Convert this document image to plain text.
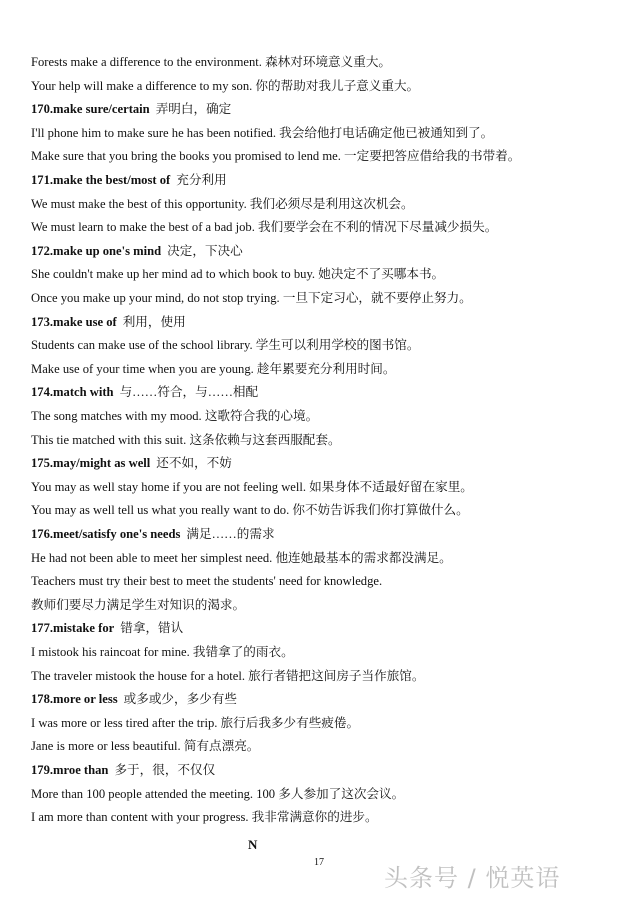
Forests make a difference to the environment. 森林对环境意义重大。
Your help will make a difference to my son. 你的帮助对我儿子意义重大。
170.make sure/certain 弄明白，确定
I'll phone him to make sure he has been notified. 我会给他打电话确定他已被通知到了。
Make sure that you bring the books you promised to lend me. 一定要把答应借给我的书带着。
171.make the best/most of 充分利用
We must make the best of this opportunity. 我们必须尽是利用这次机会。
We must learn to make the best of a bad job. 我们要学会在不利的情况下尽量减少损失。
172.make up one's mind 决定，下决心
She couldn't make up her mind ad to which book to buy. 她决定不了买哪本书。
Once you make up your mind, do not stop trying. 一旦下定习心，就不要停止努力。
173.make use of 利用，使用
Students can make use of the school library. 学生可以利用学校的图书馆。
Make use of your time when you are young. 趁年累要充分利用时间。
174.match with 与……符合，与……相配
The song matches with my mood. 这歌符合我的心境。
This tie matched with this suit. 这条依赖与这套西服配套。
175.may/might as well 还不如，不妨
You may as well stay home if you are not feeling well. 如果身体不适最好留在家里。
You may as well tell us what you really want to do. 你不妨告诉我们你打算做什么。
176.meet/satisfy one's needs 满足……的需求
He had not been able to meet her simplest need. 他连她最基本的需求都没满足。
Teachers must try their best to meet the students' need for knowledge.
教师们要尽力满足学生对知识的渴求。
177.mistake for 错拿，错认
I mistook his raincoat for mine. 我错拿了的雨衣。
The traveler mistook the house for a hotel. 旅行者错把这间房子当作旅馆。
178.more or less 或多或少，多少有些
I was more or less tired after the trip. 旅行后我多少有些疲倦。
Jane is more or less beautiful. 简有点漂亮。
179.mroe than 多于，很，不仅仅
More than 100 people attended the meeting. 100 多人参加了这次会议。
I am more than content with your progress. 我非常满意你的进步。
N
17
头条号 / 悦英语
